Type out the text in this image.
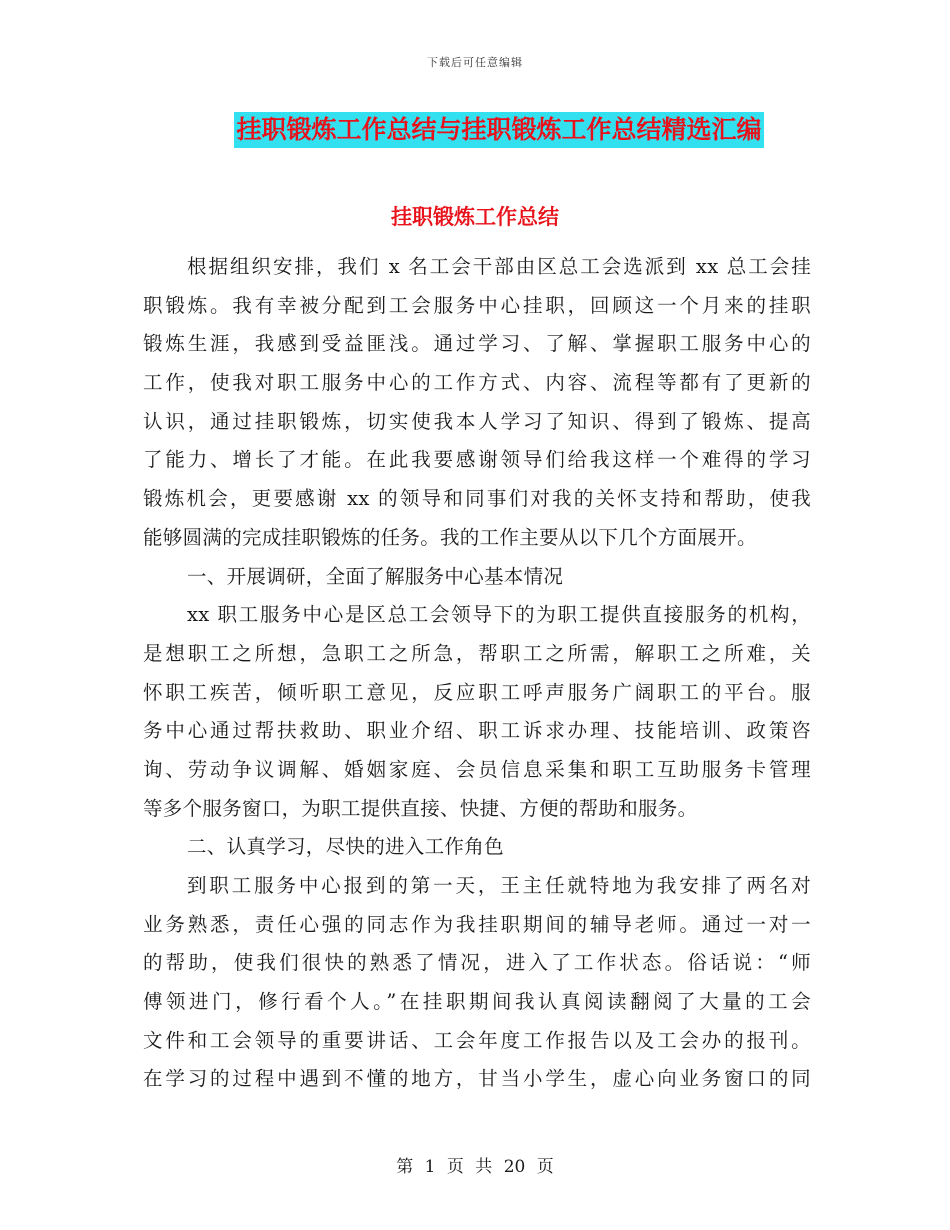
下载后可任意编辑
挂职锻炼工作总结与挂职锻炼工作总结精选汇编
挂职锻炼工作总结
根据组织安排，我们 x 名工会干部由区总工会选派到 xx 总工会挂
职锻炼。我有幸被分配到工会服务中心挂职，回顾这一个月来的挂职
锻炼生涯，我感到受益匪浅。通过学习、了解、掌握职工服务中心的
工作，使我对职工服务中心的工作方式、内容、流程等都有了更新的
认识，通过挂职锻炼，切实使我本人学习了知识、得到了锻炼、提高
了能力、增长了才能。在此我要感谢领导们给我这样一个难得的学习
锻炼机会，更要感谢 xx 的领导和同事们对我的关怀支持和帮助，使我
能够圆满的完成挂职锻炼的任务。我的工作主要从以下几个方面展开。
一、开展调研，全面了解服务中心基本情况
xx 职工服务中心是区总工会领导下的为职工提供直接服务的机构，
是想职工之所想，急职工之所急，帮职工之所需，解职工之所难，关
怀职工疾苦，倾听职工意见，反应职工呼声服务广阔职工的平台。服
务中心通过帮扶救助、职业介绍、职工诉求办理、技能培训、政策咨
询、劳动争议调解、婚姻家庭、会员信息采集和职工互助服务卡管理
等多个服务窗口，为职工提供直接、快捷、方便的帮助和服务。
二、认真学习，尽快的进入工作角色
到职工服务中心报到的第一天，王主任就特地为我安排了两名对
业务熟悉，责任心强的同志作为我挂职期间的辅导老师。通过一对一
的帮助，使我们很快的熟悉了情况，进入了工作状态。俗话说：“师
傅领进门，修行看个人。”在挂职期间我认真阅读翻阅了大量的工会
文件和工会领导的重要讲话、工会年度工作报告以及工会办的报刊。
在学习的过程中遇到不懂的地方，甘当小学生，虚心向业务窗口的同
第 1 页 共 20 页
